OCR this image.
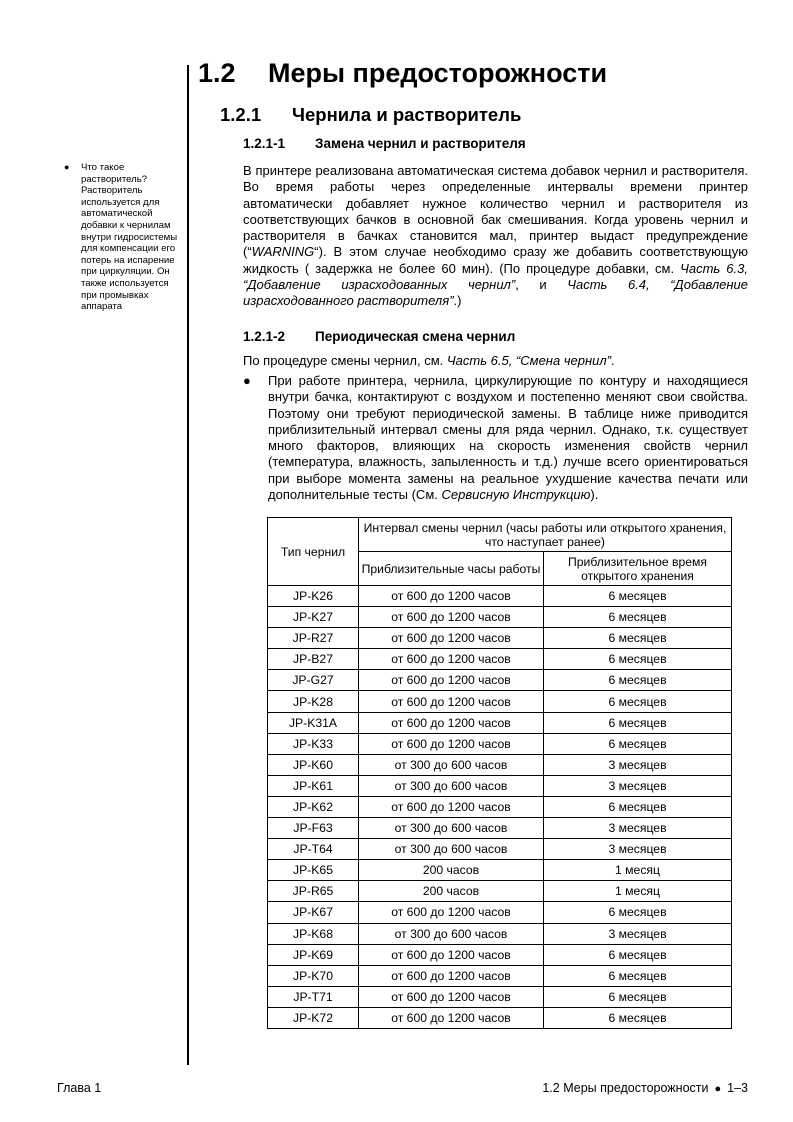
1.2 Меры предосторожности
1.2.1 Чернила и растворитель
1.2.1-1 Замена чернил и растворителя
В принтере реализована автоматическая система добавок чернил и растворителя. Во время работы через определенные интервалы времени принтер автоматически добавляет нужное количество чернил и растворителя из соответствующих бачков в основной бак смешивания. Когда уровень чернил и растворителя в бачках становится мал, принтер выдаст предупреждение (“WARNING“). В этом случае необходимо сразу же добавить соответствующую жидкость ( задержка не более 60 мин). (По процедуре добавки, см. Часть 6.3, “Добавление израсходованных чернил”, и Часть 6.4, “Добавление израсходованного растворителя”.)
● Что такое растворитель? Растворитель используется для автоматической добавки к чернилам внутри гидросистемы для компенсации его потерь на испарение при циркуляции. Он также используется при промывках аппарата
1.2.1-2 Периодическая смена чернил
По процедуре смены чернил, см. Часть 6.5, “Смена чернил”.
● При работе принтера, чернила, циркулирующие по контуру и находящиеся внутри бачка, контактируют с воздухом и постепенно меняют свои свойства. Поэтому они требуют периодической замены. В таблице ниже приводится приблизительный интервал смены для ряда чернил. Однако, т.к. существует много факторов, влияющих на скорость изменения свойств чернил (температура, влажность, запыленность и т.д.) лучше всего ориентироваться при выборе момента замены на реальное ухудшение качества печати или дополнительные тесты (См. Сервисную Инструкцию).
Тип чернил	Интервал смены чернил (часы работы или открытого хранения, что наступает ранее)	
	Приблизительные часы работы	Приблизительное время открытого хранения
JP-K26	от 600 до 1200 часов	6 месяцев
JP-K27	от 600 до 1200 часов	6 месяцев
JP-R27	от 600 до 1200 часов	6 месяцев
JP-B27	от 600 до 1200 часов	6 месяцев
JP-G27	от 600 до 1200 часов	6 месяцев
JP-K28	от 600 до 1200 часов	6 месяцев
JP-K31A	от 600 до 1200 часов	6 месяцев
JP-K33	от 600 до 1200 часов	6 месяцев
JP-K60	от 300 до 600 часов	3 месяцев
JP-K61	от 300 до 600 часов	3 месяцев
JP-K62	от 600 до 1200 часов	6 месяцев
JP-F63	от 300 до 600 часов	3 месяцев
JP-T64	от 300 до 600 часов	3 месяцев
JP-K65	200 часов	1 месяц
JP-R65	200 часов	1 месяц
JP-K67	от 600 до 1200 часов	6 месяцев
JP-K68	от 300 до 600 часов	3 месяцев
JP-K69	от 600 до 1200 часов	6 месяцев
JP-K70	от 600 до 1200 часов	6 месяцев
JP-T71	от 600 до 1200 часов	6 месяцев
JP-K72	от 600 до 1200 часов	6 месяцев
Глава 1	1.2 Меры предосторожности ● 1–3
